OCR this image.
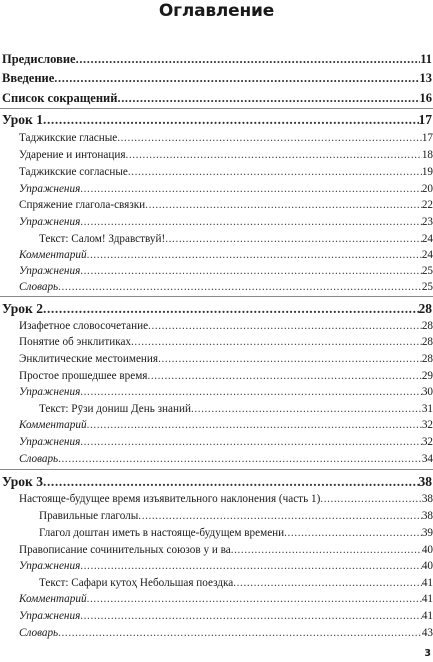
Оглавление
Предисловие .....	11
Введение .....	13
Список сокращений .....	16
Урок 1 .....	17
Таджикские гласные .....	17
Ударение и интонация .....	18
Таджикские согласные .....	19
Упражнения .....	20
Спряжение глагола-связки .....	22
Упражнения .....	23
Текст: Салом! Здравствуй! .....	24
Комментарий .....	24
Упражнения .....	25
Словарь .....	25
Урок 2 .....	28
Изафетное словосочетание .....	28
Понятие об энклитиках .....	28
Энклитические местоимения .....	28
Простое прошедшее время .....	29
Упражнения .....	30
Текст: Рӯзи дониш День знаний .....	31
Комментарий .....	32
Упражнения .....	32
Словарь .....	34
Урок 3 .....	38
Настояще-будущее время изъявительного наклонения (часть 1) .....	38
Правильные глаголы .....	38
Глагол доштан иметь в настояще-будущем времени .....	39
Правописание сочинительных союзов у и ва .....	40
Упражнения .....	40
Текст: Сафари кутоҳ Небольшая поездка .....	41
Комментарий .....	41
Упражнения .....	41
Словарь .....	43
3
